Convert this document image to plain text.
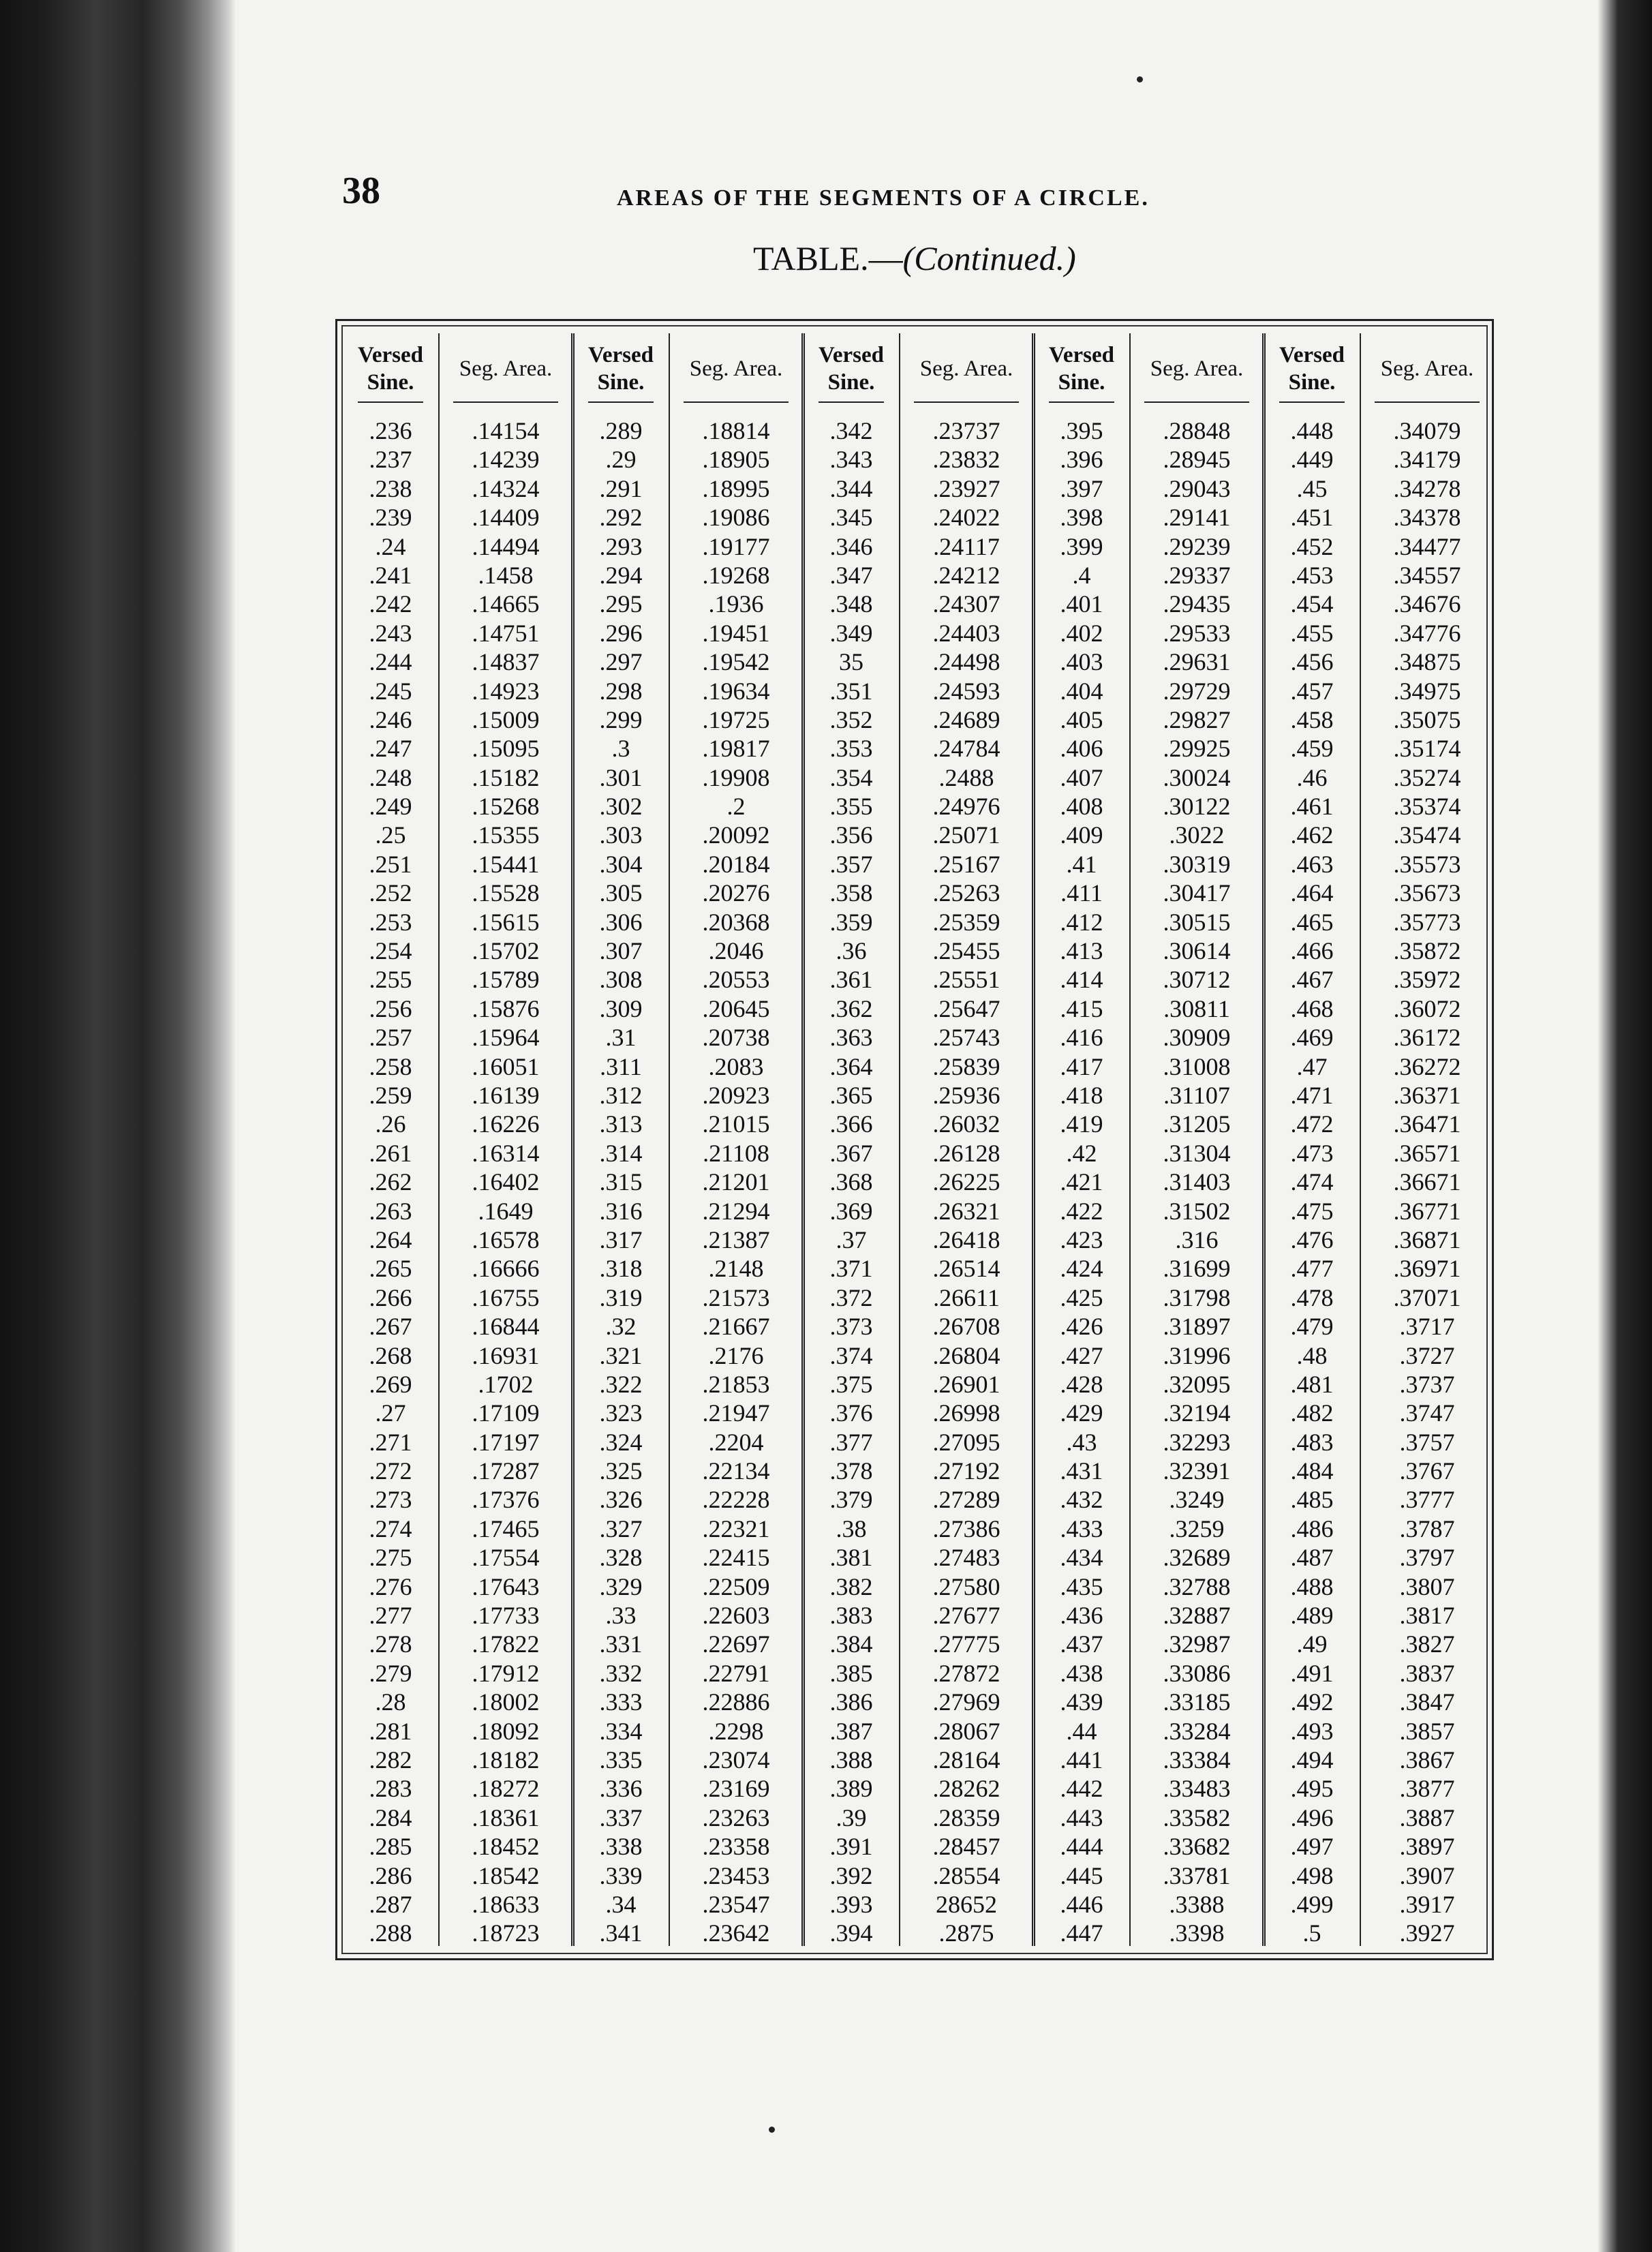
38	AREAS OF THE SEGMENTS OF A CIRCLE.
TABLE.—(Continued.)
Versed Sine.
Seg. Area.
.236
.237
.238
.239
.24
.241
.242
.243
.244
.245
.246
.247
.248
.249
.25
.251
.252
.253
.254
.255
.256
.257
.258
.259
.26
.261
.262
.263
.264
.265
.266
.267
.268
.269
.27
.271
.272
.273
.274
.275
.276
.277
.278
.279
.28
.281
.282
.283
.284
.285
.286
.287
.288
.14154
.14239
.14324
.14409
.14494
.1458
.14665
.14751
.14837
.14923
.15009
.15095
.15182
.15268
.15355
.15441
.15528
.15615
.15702
.15789
.15876
.15964
.16051
.16139
.16226
.16314
.16402
.1649
.16578
.16666
.16755
.16844
.16931
.1702
.17109
.17197
.17287
.17376
.17465
.17554
.17643
.17733
.17822
.17912
.18002
.18092
.18182
.18272
.18361
.18452
.18542
.18633
.18723
Versed Sine.
Seg. Area.
.289
.29
.291
.292
.293
.294
.295
.296
.297
.298
.299
.3
.301
.302
.303
.304
.305
.306
.307
.308
.309
.31
.311
.312
.313
.314
.315
.316
.317
.318
.319
.32
.321
.322
.323
.324
.325
.326
.327
.328
.329
.33
.331
.332
.333
.334
.335
.336
.337
.338
.339
.34
.341
.18814
.18905
.18995
.19086
.19177
.19268
.1936
.19451
.19542
.19634
.19725
.19817
.19908
.2
.20092
.20184
.20276
.20368
.2046
.20553
.20645
.20738
.2083
.20923
.21015
.21108
.21201
.21294
.21387
.2148
.21573
.21667
.2176
.21853
.21947
.2204
.22134
.22228
.22321
.22415
.22509
.22603
.22697
.22791
.22886
.2298
.23074
.23169
.23263
.23358
.23453
.23547
.23642
Versed Sine.
Seg. Area.
.342
.343
.344
.345
.346
.347
.348
.349
35
.351
.352
.353
.354
.355
.356
.357
.358
.359
.36
.361
.362
.363
.364
.365
.366
.367
.368
.369
.37
.371
.372
.373
.374
.375
.376
.377
.378
.379
.38
.381
.382
.383
.384
.385
.386
.387
.388
.389
.39
.391
.392
.393
.394
.23737
.23832
.23927
.24022
.24117
.24212
.24307
.24403
.24498
.24593
.24689
.24784
.2488
.24976
.25071
.25167
.25263
.25359
.25455
.25551
.25647
.25743
.25839
.25936
.26032
.26128
.26225
.26321
.26418
.26514
.26611
.26708
.26804
.26901
.26998
.27095
.27192
.27289
.27386
.27483
.27580
.27677
.27775
.27872
.27969
.28067
.28164
.28262
.28359
.28457
.28554
28652
.2875
Versed Sine.
Seg. Area.
.395
.396
.397
.398
.399
.4
.401
.402
.403
.404
.405
.406
.407
.408
.409
.41
.411
.412
.413
.414
.415
.416
.417
.418
.419
.42
.421
.422
.423
.424
.425
.426
.427
.428
.429
.43
.431
.432
.433
.434
.435
.436
.437
.438
.439
.44
.441
.442
.443
.444
.445
.446
.447
.28848
.28945
.29043
.29141
.29239
.29337
.29435
.29533
.29631
.29729
.29827
.29925
.30024
.30122
.3022
.30319
.30417
.30515
.30614
.30712
.30811
.30909
.31008
.31107
.31205
.31304
.31403
.31502
.316
.31699
.31798
.31897
.31996
.32095
.32194
.32293
.32391
.3249
.3259
.32689
.32788
.32887
.32987
.33086
.33185
.33284
.33384
.33483
.33582
.33682
.33781
.3388
.3398
Versed Sine.
Seg. Area.
.448
.449
.45
.451
.452
.453
.454
.455
.456
.457
.458
.459
.46
.461
.462
.463
.464
.465
.466
.467
.468
.469
.47
.471
.472
.473
.474
.475
.476
.477
.478
.479
.48
.481
.482
.483
.484
.485
.486
.487
.488
.489
.49
.491
.492
.493
.494
.495
.496
.497
.498
.499
.5
.34079
.34179
.34278
.34378
.34477
.34557
.34676
.34776
.34875
.34975
.35075
.35174
.35274
.35374
.35474
.35573
.35673
.35773
.35872
.35972
.36072
.36172
.36272
.36371
.36471
.36571
.36671
.36771
.36871
.36971
.37071
.3717
.3727
.3737
.3747
.3757
.3767
.3777
.3787
.3797
.3807
.3817
.3827
.3837
.3847
.3857
.3867
.3877
.3887
.3897
.3907
.3917
.3927
